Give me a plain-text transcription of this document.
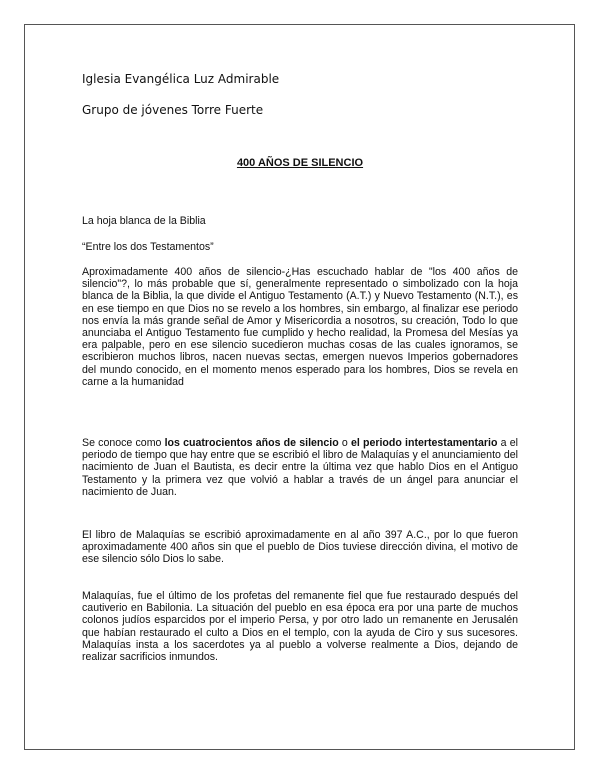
Iglesia Evangélica Luz Admirable
Grupo de jóvenes Torre Fuerte
400 AÑOS DE SILENCIO
La hoja blanca de la Biblia
“Entre los dos Testamentos”
Aproximadamente 400 años de silencio-¿Has escuchado hablar de "los 400 años de silencio"?, lo más probable que sí, generalmente representado o simbolizado con la hoja blanca de la Biblia, la que divide el Antiguo Testamento (A.T.) y Nuevo Testamento (N.T.), es en ese tiempo en que Dios no se revelo a los hombres, sin embargo, al finalizar ese periodo nos envía la más grande señal de Amor y Misericordia a nosotros, su creación, Todo lo que anunciaba el Antiguo Testamento fue cumplido y hecho realidad, la Promesa del Mesías ya era palpable, pero en ese silencio sucedieron muchas cosas de las cuales ignoramos, se escribieron muchos libros, nacen nuevas sectas, emergen nuevos Imperios gobernadores del mundo conocido, en el momento menos esperado para los hombres, Dios se revela en carne a la humanidad
Se conoce como los cuatrocientos años de silencio o el periodo intertestamentario a el periodo de tiempo que hay entre que se escribió el libro de Malaquías y el anunciamiento del nacimiento de Juan el Bautista, es decir entre la última vez que hablo Dios en el Antiguo Testamento y la primera vez que volvió a hablar a través de un ángel para anunciar el nacimiento de Juan.
El libro de Malaquías se escribió aproximadamente en al año 397 A.C., por lo que fueron aproximadamente 400 años sin que el pueblo de Dios tuviese dirección divina, el motivo de ese silencio sólo Dios lo sabe.
Malaquías, fue el último de los profetas del remanente fiel que fue restaurado después del cautiverio en Babilonia. La situación del pueblo en esa época era por una parte de muchos colonos judíos esparcidos por el imperio Persa, y por otro lado un remanente en Jerusalén que habían restaurado el culto a Dios en el templo, con la ayuda de Ciro y sus sucesores. Malaquías insta a los sacerdotes ya al pueblo a volverse realmente a Dios, dejando de realizar sacrificios inmundos.
